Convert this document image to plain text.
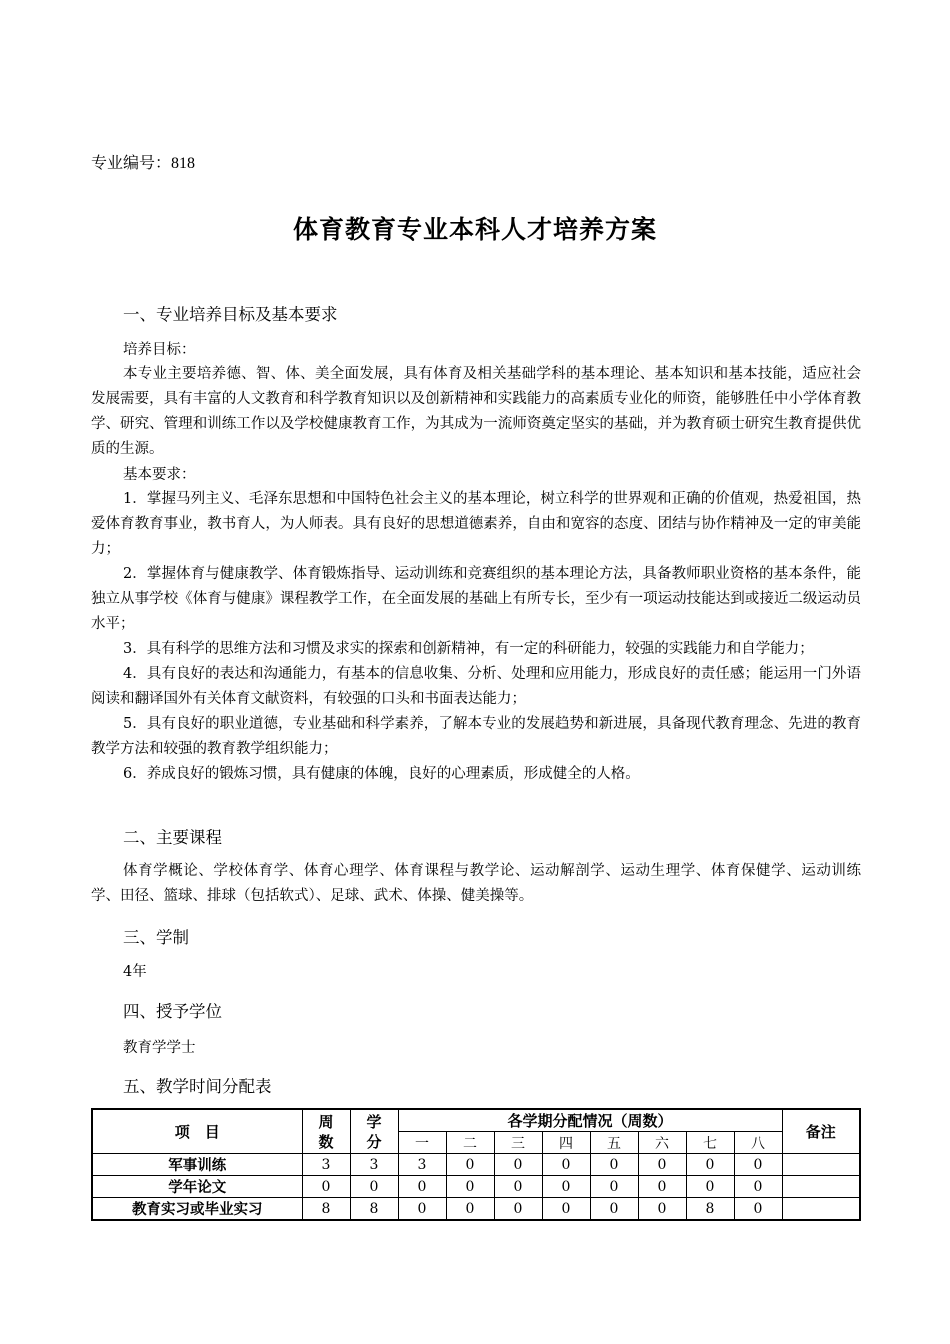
专业编号：818
体育教育专业本科人才培养方案
一、专业培养目标及基本要求
培养目标：
本专业主要培养德、智、体、美全面发展，具有体育及相关基础学科的基本理论、基本知识和基本技能，适应社会发展需要，具有丰富的人文教育和科学教育知识以及创新精神和实践能力的高素质专业化的师资，能够胜任中小学体育教学、研究、管理和训练工作以及学校健康教育工作，为其成为一流师资奠定坚实的基础，并为教育硕士研究生教育提供优质的生源。
基本要求：
1．掌握马列主义、毛泽东思想和中国特色社会主义的基本理论，树立科学的世界观和正确的价值观，热爱祖国，热爱体育教育事业，教书育人，为人师表。具有良好的思想道德素养，自由和宽容的态度、团结与协作精神及一定的审美能力；
2．掌握体育与健康教学、体育锻炼指导、运动训练和竞赛组织的基本理论方法，具备教师职业资格的基本条件，能独立从事学校《体育与健康》课程教学工作，在全面发展的基础上有所专长，至少有一项运动技能达到或接近二级运动员水平；
3．具有科学的思维方法和习惯及求实的探索和创新精神，有一定的科研能力，较强的实践能力和自学能力；
4．具有良好的表达和沟通能力，有基本的信息收集、分析、处理和应用能力，形成良好的责任感；能运用一门外语阅读和翻译国外有关体育文献资料，有较强的口头和书面表达能力；
5．具有良好的职业道德，专业基础和科学素养，了解本专业的发展趋势和新进展，具备现代教育理念、先进的教育教学方法和较强的教育教学组织能力；
6．养成良好的锻炼习惯，具有健康的体魄，良好的心理素质，形成健全的人格。
二、主要课程
体育学概论、学校体育学、体育心理学、体育课程与教学论、运动解剖学、运动生理学、体育保健学、运动训练学、田径、篮球、排球（包括软式）、足球、武术、体操、健美操等。
三、学制
4年
四、授予学位
教育学学士
五、教学时间分配表
项　目	周数	学分	各学期分配情况（周数）								备注
			一	二	三	四	五	六	七	八	
军事训练	3	3	3	0	0	0	0	0	0	0	
学年论文	0	0	0	0	0	0	0	0	0	0	
教育实习或毕业实习	8	8	0	0	0	0	0	0	8	0	
